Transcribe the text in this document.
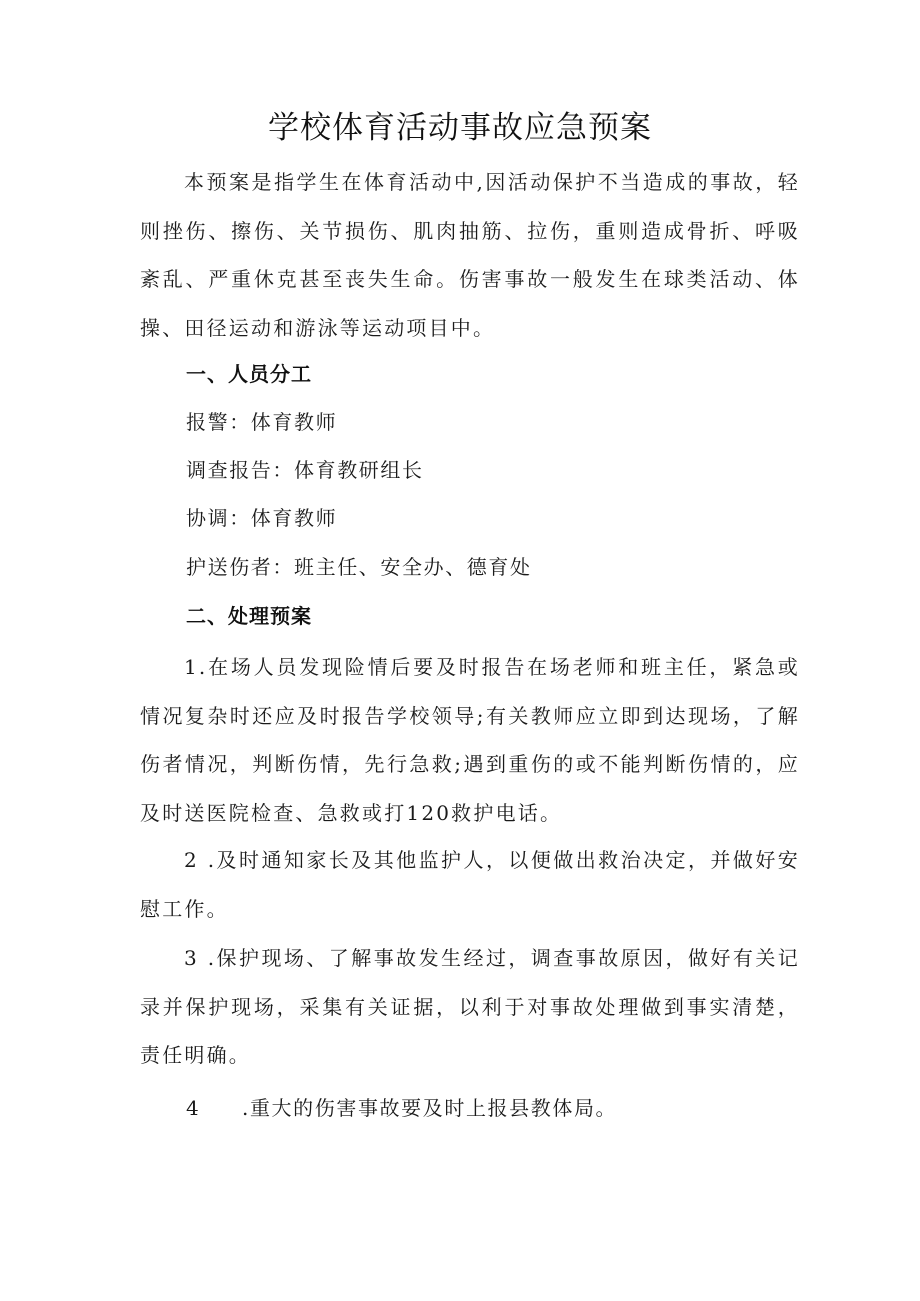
学校体育活动事故应急预案

本预案是指学生在体育活动中,因活动保护不当造成的事故，轻则挫伤、擦伤、关节损伤、肌肉抽筋、拉伤，重则造成骨折、呼吸紊乱、严重休克甚至丧失生命。伤害事故一般发生在球类活动、体操、田径运动和游泳等运动项目中。

一、人员分工
报警：体育教师
调查报告：体育教研组长
协调：体育教师
护送伤者：班主任、安全办、德育处
二、处理预案

1.在场人员发现险情后要及时报告在场老师和班主任，紧急或情况复杂时还应及时报告学校领导;有关教师应立即到达现场，了解伤者情况，判断伤情，先行急救;遇到重伤的或不能判断伤情的，应及时送医院检查、急救或打120救护电话。

2 .及时通知家长及其他监护人，以便做出救治决定，并做好安慰工作。

3 .保护现场、了解事故发生经过，调查事故原因，做好有关记录并保护现场，采集有关证据，以利于对事故处理做到事实清楚，责任明确。

4 .重大的伤害事故要及时上报县教体局。
